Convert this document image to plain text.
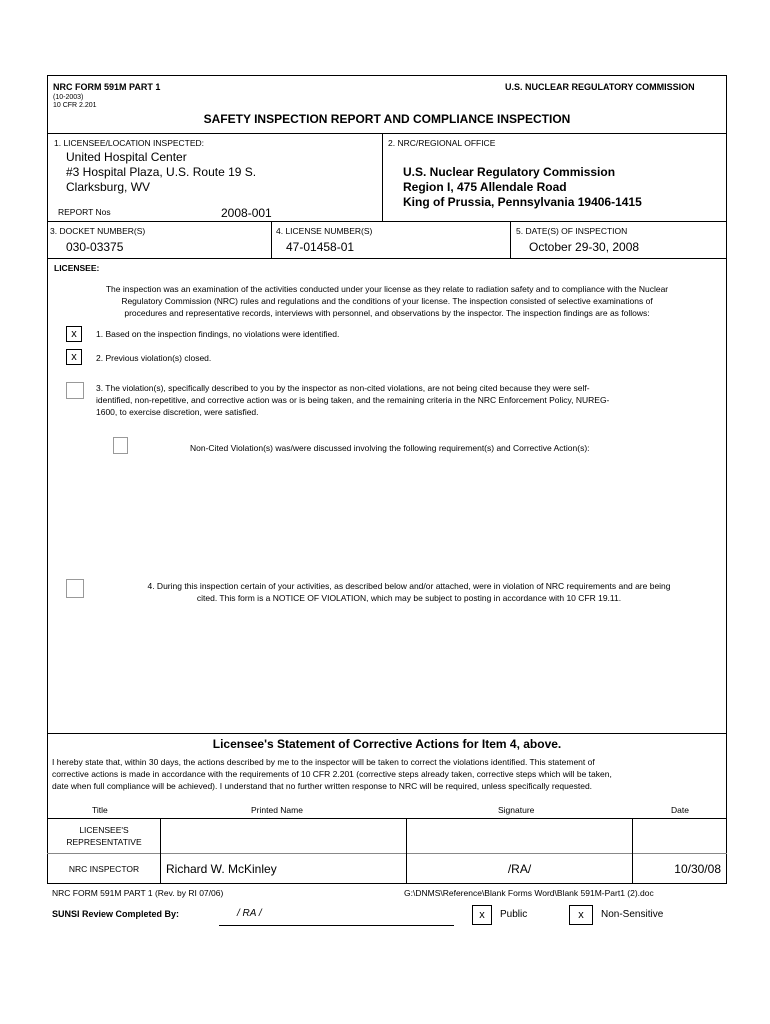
NRC FORM 591M PART 1
(10-2003)
10 CFR 2.201
U.S. NUCLEAR REGULATORY COMMISSION
SAFETY INSPECTION REPORT AND COMPLIANCE INSPECTION
1. LICENSEE/LOCATION INSPECTED:
United Hospital Center
#3 Hospital Plaza, U.S. Route 19 S.
Clarksburg, WV
REPORT Nos	2008-001
2. NRC/REGIONAL OFFICE
U.S. Nuclear Regulatory Commission
Region I, 475 Allendale Road
King of Prussia, Pennsylvania 19406-1415
3. DOCKET NUMBER(S)
030-03375
4. LICENSE NUMBER(S)
47-01458-01
5. DATE(S) OF INSPECTION
October 29-30, 2008
LICENSEE:
The inspection was an examination of the activities conducted under your license as they relate to radiation safety and to compliance with the Nuclear
Regulatory Commission (NRC) rules and regulations and the conditions of your license. The inspection consisted of selective examinations of
procedures and representative records, interviews with personnel, and observations by the inspector. The inspection findings are as follows:
x	1. Based on the inspection findings, no violations were identified.
x	2. Previous violation(s) closed.
3. The violation(s), specifically described to you by the inspector as non-cited violations, are not being cited because they were self-
identified, non-repetitive, and corrective action was or is being taken, and the remaining criteria in the NRC Enforcement Policy, NUREG-
1600, to exercise discretion, were satisfied.
Non-Cited Violation(s) was/were discussed involving the following requirement(s) and Corrective Action(s):
4. During this inspection certain of your activities, as described below and/or attached, were in violation of NRC requirements and are being
cited. This form is a NOTICE OF VIOLATION, which may be subject to posting in accordance with 10 CFR 19.11.
Licensee's Statement of Corrective Actions for Item 4, above.
I hereby state that, within 30 days, the actions described by me to the inspector will be taken to correct the violations identified. This statement of
corrective actions is made in accordance with the requirements of 10 CFR 2.201 (corrective steps already taken, corrective steps which will be taken,
date when full compliance will be achieved). I understand that no further written response to NRC will be required, unless specifically requested.
Title	Printed Name	Signature	Date
LICENSEE'S
REPRESENTATIVE
NRC INSPECTOR	Richard W. McKinley	/RA/	10/30/08
NRC FORM 591M PART 1 (Rev. by RI 07/06)	G:\DNMS\Reference\Blank Forms Word\Blank 591M-Part1 (2).doc
SUNSI Review Completed By:	/ RA /	x	Public	x	Non-Sensitive
